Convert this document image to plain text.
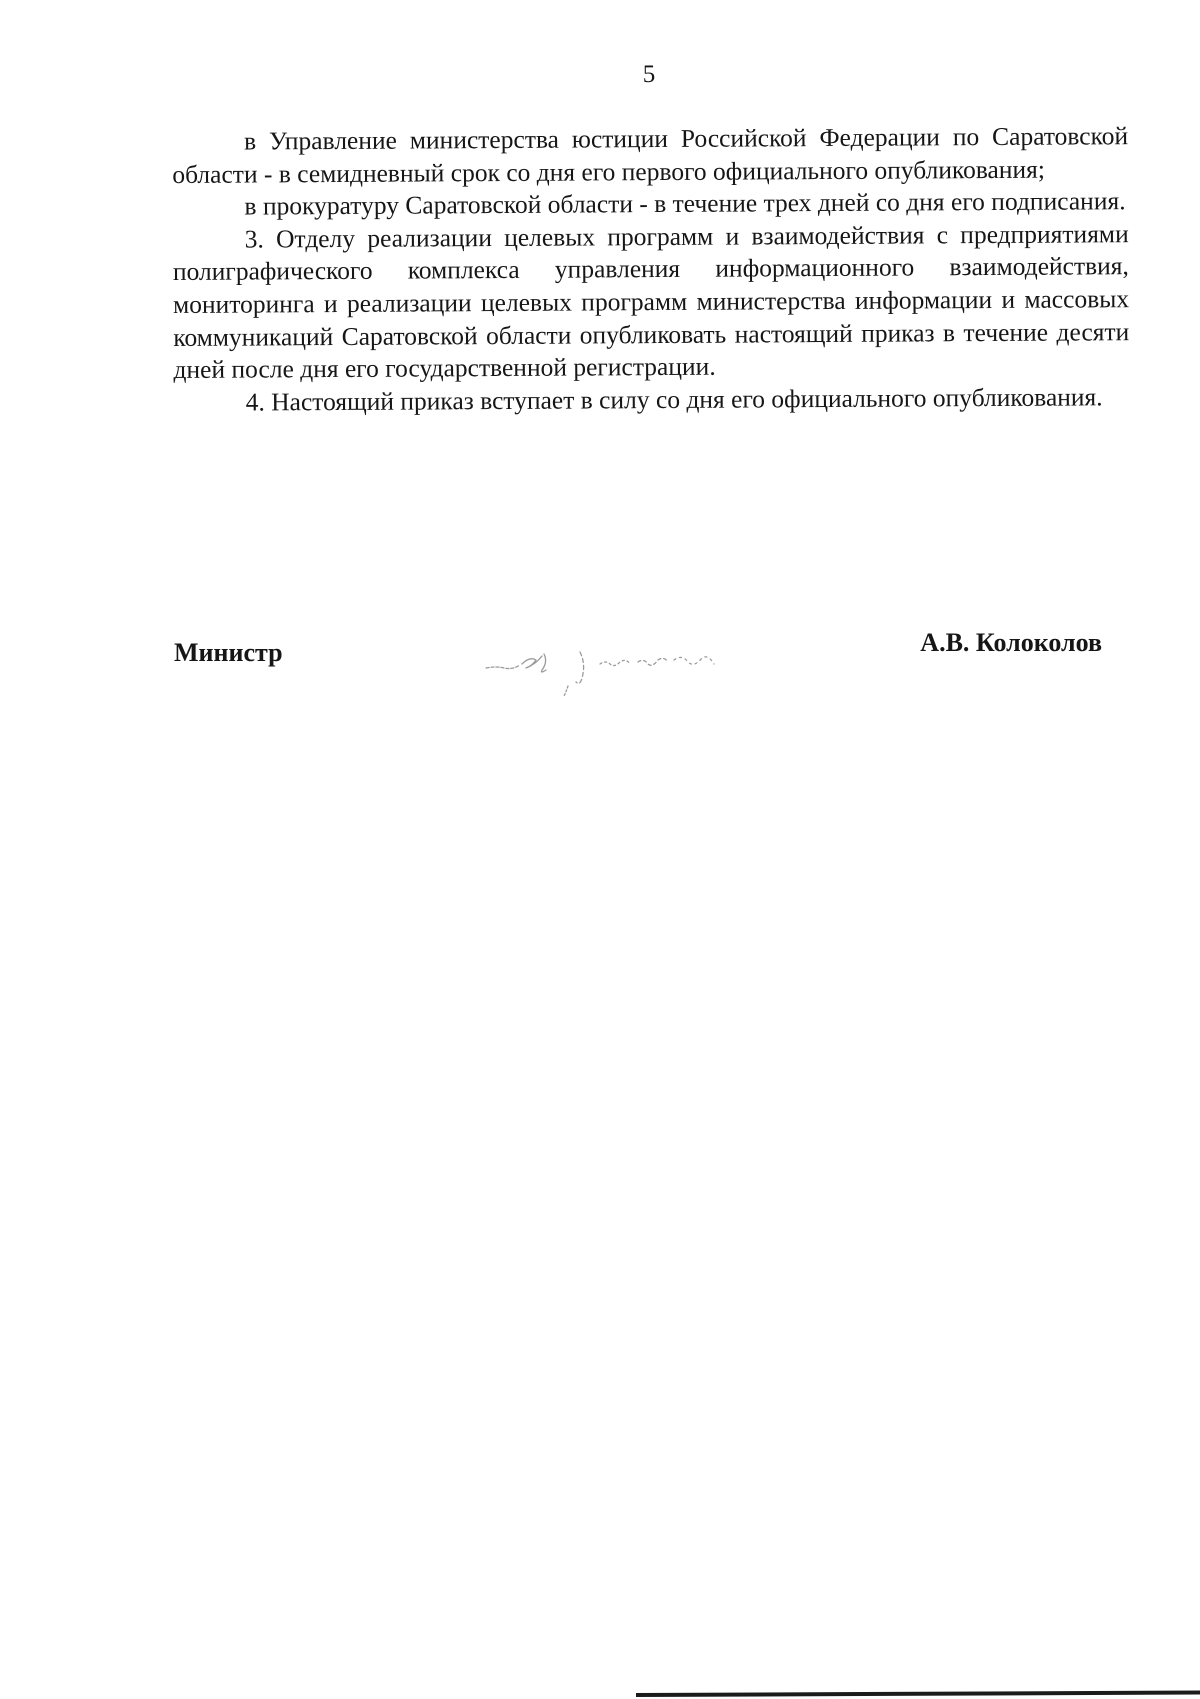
5

в Управление министерства юстиции Российской Федерации по Саратовской области - в семидневный срок со дня его первого официального опубликования;

в прокуратуру Саратовской области - в течение трех дней со дня его подписания.

3. Отделу реализации целевых программ и взаимодействия с предприятиями полиграфического комплекса управления информационного взаимодействия, мониторинга и реализации целевых программ министерства информации и массовых коммуникаций Саратовской области опубликовать настоящий приказ в течение десяти дней после дня его государственной регистрации.

4. Настоящий приказ вступает в силу со дня его официального опубликования.

Министр	А.В. Колоколов
